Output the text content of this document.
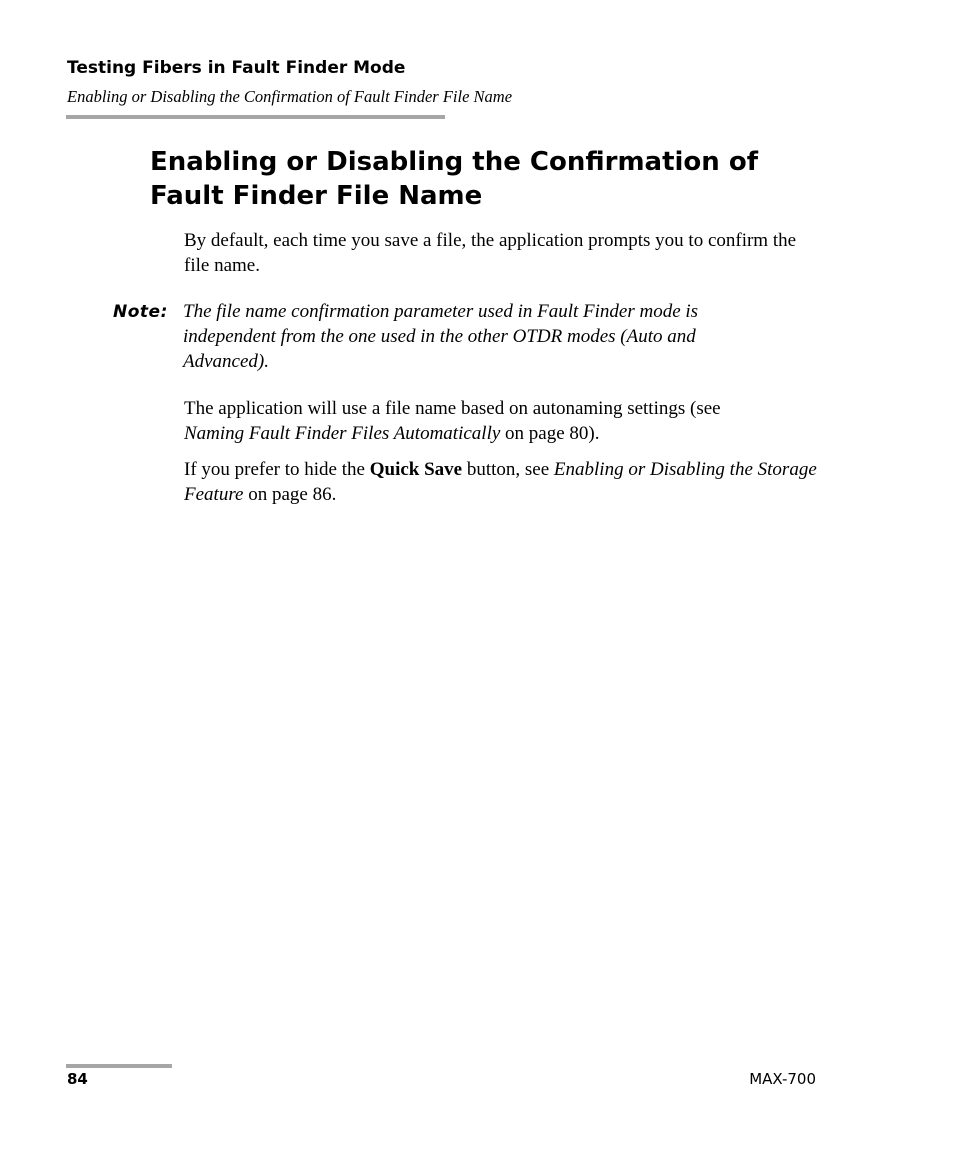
Testing Fibers in Fault Finder Mode
Enabling or Disabling the Confirmation of Fault Finder File Name
Enabling or Disabling the Confirmation of
Fault Finder File Name

By default, each time you save a file, the application prompts you to confirm the file name.

Note: The file name confirmation parameter used in Fault Finder mode is independent from the one used in the other OTDR modes (Auto and Advanced).

The application will use a file name based on autonaming settings (see Naming Fault Finder Files Automatically on page 80).

If you prefer to hide the Quick Save button, see Enabling or Disabling the Storage Feature on page 86.

84	MAX-700
